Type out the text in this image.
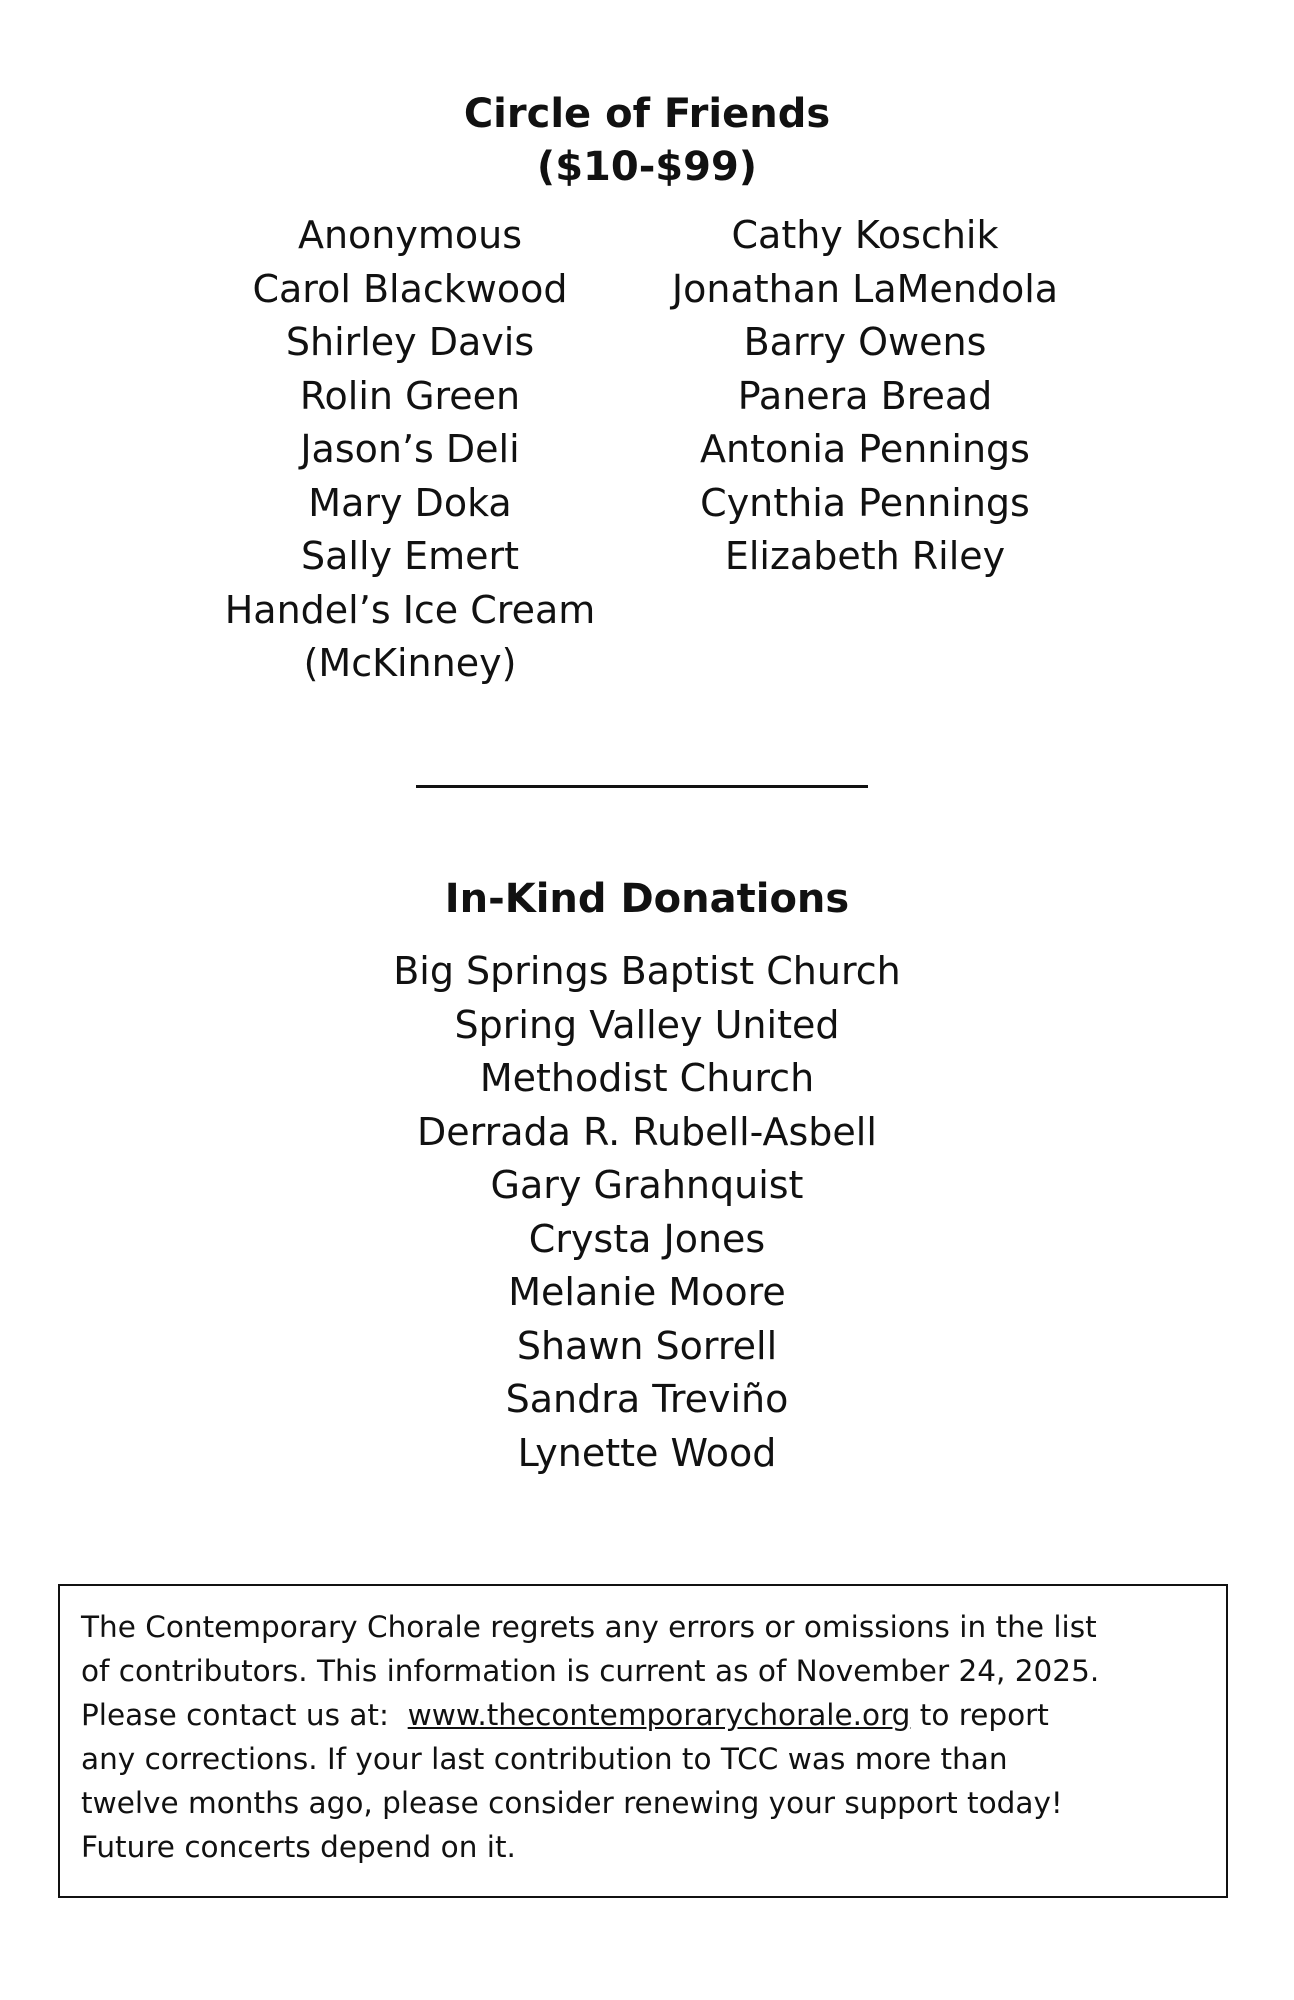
Circle of Friends
($10-$99)
Anonymous
Carol Blackwood
Shirley Davis
Rolin Green
Jason’s Deli
Mary Doka
Sally Emert
Handel’s Ice Cream
(McKinney)
Cathy Koschik
Jonathan LaMendola
Barry Owens
Panera Bread
Antonia Pennings
Cynthia Pennings
Elizabeth Riley
In-Kind Donations
Big Springs Baptist Church
Spring Valley United
Methodist Church
Derrada R. Rubell-Asbell
Gary Grahnquist
Crysta Jones
Melanie Moore
Shawn Sorrell
Sandra Treviño
Lynette Wood
The Contemporary Chorale regrets any errors or omissions in the list
of contributors. This information is current as of November 24, 2025.
Please contact us at:  www.thecontemporarychorale.org to report
any corrections. If your last contribution to TCC was more than
twelve months ago, please consider renewing your support today!
Future concerts depend on it.
